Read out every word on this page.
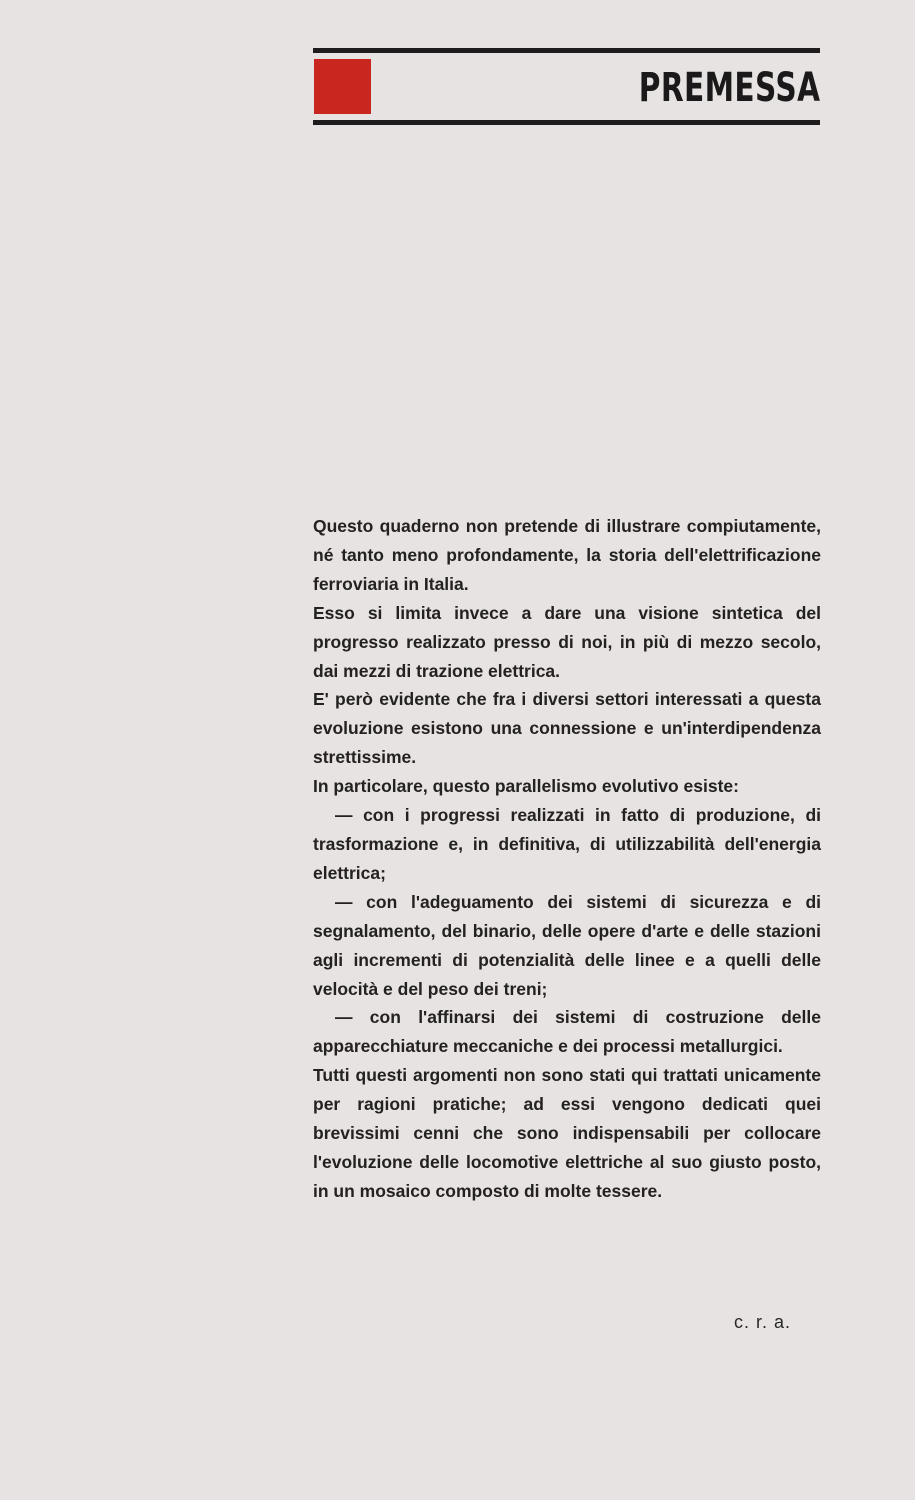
PREMESSA

Questo quaderno non pretende di illustrare compiutamente, né tanto meno profondamente, la storia dell'elettrificazione ferroviaria in Italia.

Esso si limita invece a dare una visione sintetica del progresso realizzato presso di noi, in più di mezzo secolo, dai mezzi di trazione elettrica.

E' però evidente che fra i diversi settori interessati a questa evoluzione esistono una connessione e un'interdipendenza strettissime.

In particolare, questo parallelismo evolutivo esiste:

— con i progressi realizzati in fatto di produzione, di trasformazione e, in definitiva, di utilizzabilità dell'energia elettrica;

— con l'adeguamento dei sistemi di sicurezza e di segnalamento, del binario, delle opere d'arte e delle stazioni agli incrementi di potenzialità delle linee e a quelli delle velocità e del peso dei treni;

— con l'affinarsi dei sistemi di costruzione delle apparecchiature meccaniche e dei processi metallurgici.

Tutti questi argomenti non sono stati qui trattati unicamente per ragioni pratiche; ad essi vengono dedicati quei brevissimi cenni che sono indispensabili per collocare l'evoluzione delle locomotive elettriche al suo giusto posto, in un mosaico composto di molte tessere.

c. r. a.
